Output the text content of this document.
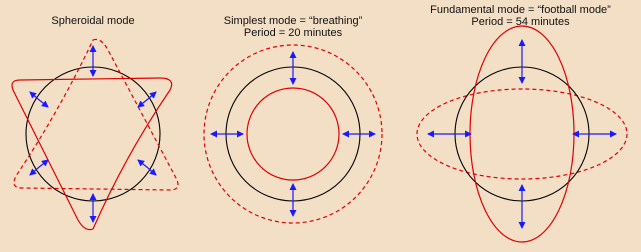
Spheroidal mode	Simplest mode = “breathing”
Period = 20 minutes
Fundamental mode = “football mode”
Period = 54 minutes
